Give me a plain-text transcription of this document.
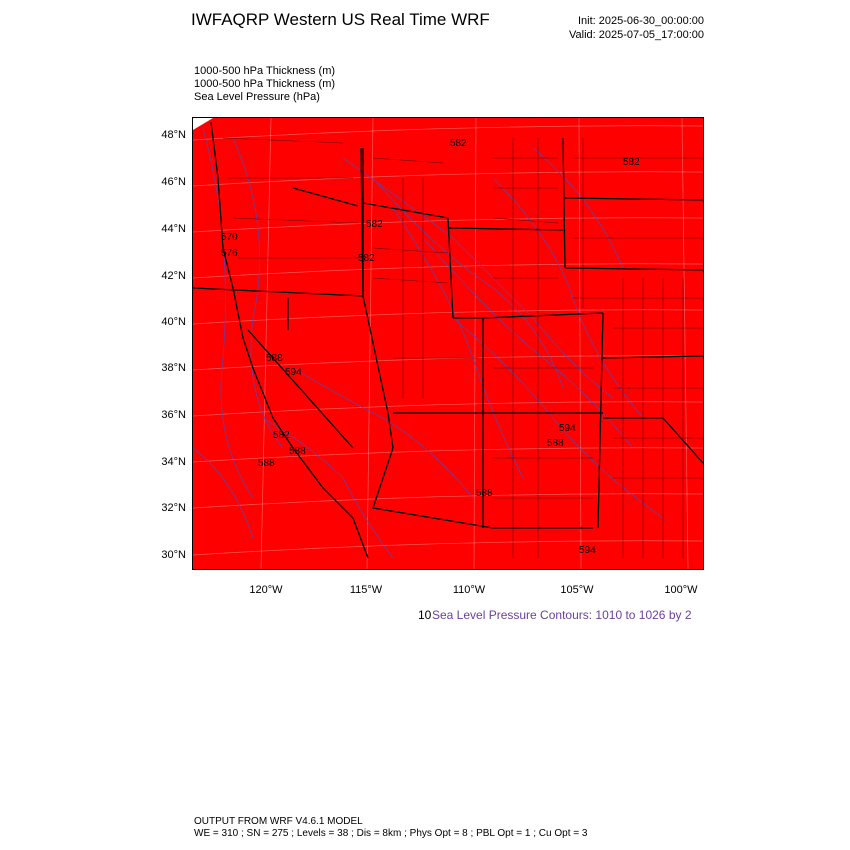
IWFAQRP Western US Real Time WRF	Init: 2025-06-30_00:00:00
Valid: 2025-07-05_17:00:00
1000-500 hPa Thickness (m)
1000-500 hPa Thickness (m)
Sea Level Pressure (hPa)
582
582
582
582
570
576
588
594
594
588
582
588
588
588
594
48°N
46°N
44°N
42°N
40°N
38°N
36°N
34°N
32°N
30°N
120°W	115°W	110°W	105°W	100°W
10 Sea Level Pressure Contours: 1010 to 1026 by 2
OUTPUT FROM WRF V4.6.1 MODEL
WE = 310 ; SN = 275 ; Levels = 38 ; Dis = 8km ; Phys Opt = 8 ; PBL Opt = 1 ; Cu Opt = 3
